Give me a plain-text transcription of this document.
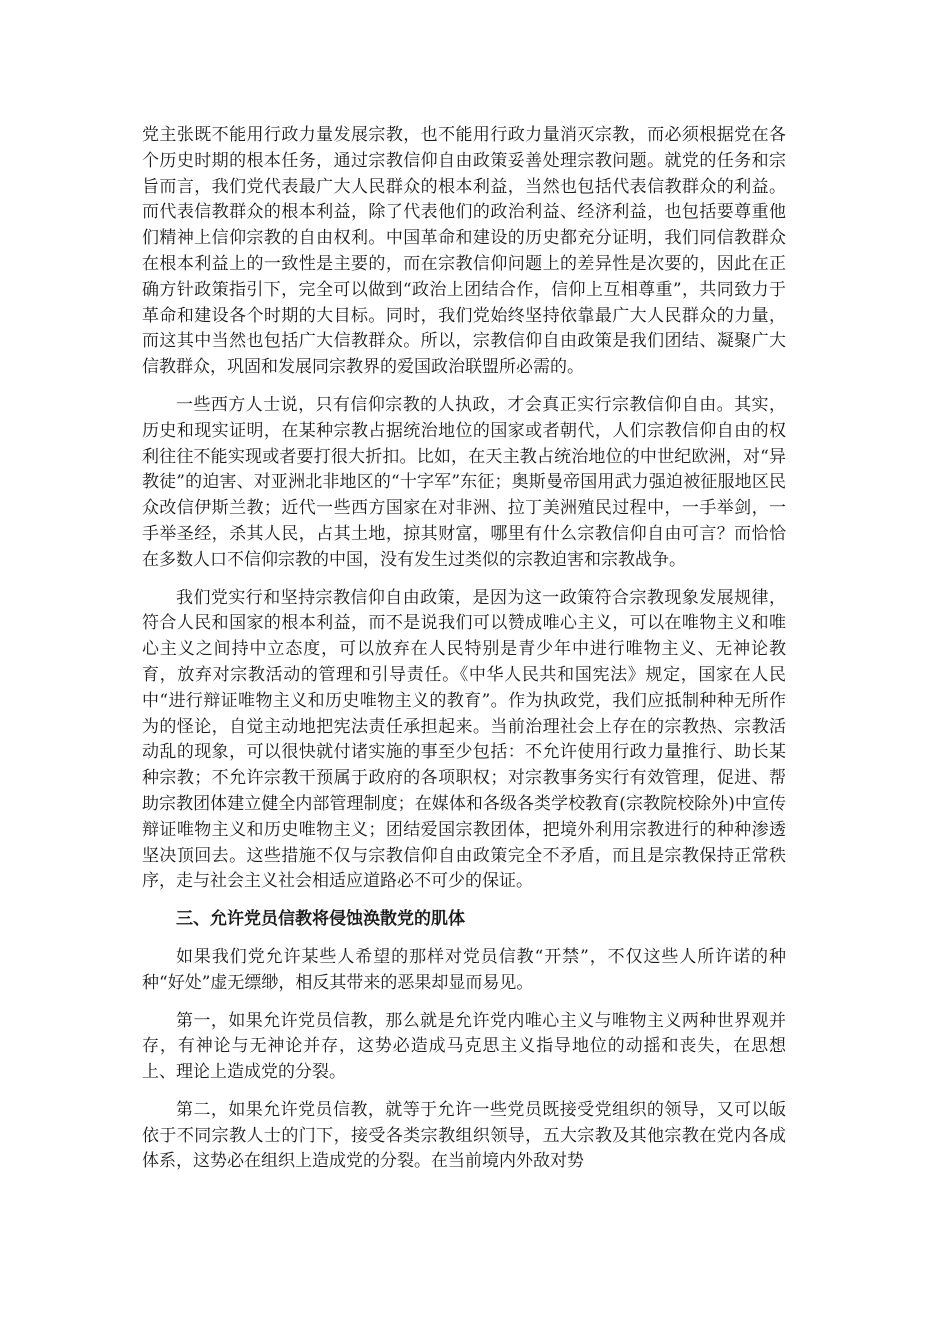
党主张既不能用行政力量发展宗教，也不能用行政力量消灭宗教，而必须根据党在各个历史时期的根本任务，通过宗教信仰自由政策妥善处理宗教问题。就党的任务和宗旨而言，我们党代表最广大人民群众的根本利益，当然也包括代表信教群众的利益。而代表信教群众的根本利益，除了代表他们的政治利益、经济利益，也包括要尊重他们精神上信仰宗教的自由权利。中国革命和建设的历史都充分证明，我们同信教群众在根本利益上的一致性是主要的，而在宗教信仰问题上的差异性是次要的，因此在正确方针政策指引下，完全可以做到“政治上团结合作，信仰上互相尊重”，共同致力于革命和建设各个时期的大目标。同时，我们党始终坚持依靠最广大人民群众的力量，而这其中当然也包括广大信教群众。所以，宗教信仰自由政策是我们团结、凝聚广大信教群众，巩固和发展同宗教界的爱国政治联盟所必需的。

一些西方人士说，只有信仰宗教的人执政，才会真正实行宗教信仰自由。其实，历史和现实证明，在某种宗教占据统治地位的国家或者朝代，人们宗教信仰自由的权利往往不能实现或者要打很大折扣。比如，在天主教占统治地位的中世纪欧洲，对“异教徒”的迫害、对亚洲北非地区的“十字军”东征；奥斯曼帝国用武力强迫被征服地区民众改信伊斯兰教；近代一些西方国家在对非洲、拉丁美洲殖民过程中，一手举剑，一手举圣经，杀其人民，占其土地，掠其财富，哪里有什么宗教信仰自由可言？而恰恰在多数人口不信仰宗教的中国，没有发生过类似的宗教迫害和宗教战争。

我们党实行和坚持宗教信仰自由政策，是因为这一政策符合宗教现象发展规律，符合人民和国家的根本利益，而不是说我们可以赞成唯心主义，可以在唯物主义和唯心主义之间持中立态度，可以放弃在人民特别是青少年中进行唯物主义、无神论教育，放弃对宗教活动的管理和引导责任。《中华人民共和国宪法》规定，国家在人民中“进行辩证唯物主义和历史唯物主义的教育”。作为执政党，我们应抵制种种无所作为的怪论，自觉主动地把宪法责任承担起来。当前治理社会上存在的宗教热、宗教活动乱的现象，可以很快就付诸实施的事至少包括：不允许使用行政力量推行、助长某种宗教；不允许宗教干预属于政府的各项职权；对宗教事务实行有效管理，促进、帮助宗教团体建立健全内部管理制度；在媒体和各级各类学校教育(宗教院校除外)中宣传辩证唯物主义和历史唯物主义；团结爱国宗教团体，把境外利用宗教进行的种种渗透坚决顶回去。这些措施不仅与宗教信仰自由政策完全不矛盾，而且是宗教保持正常秩序，走与社会主义社会相适应道路必不可少的保证。

三、允许党员信教将侵蚀涣散党的肌体

如果我们党允许某些人希望的那样对党员信教“开禁”，不仅这些人所许诺的种种“好处”虚无缥缈，相反其带来的恶果却显而易见。

第一，如果允许党员信教，那么就是允许党内唯心主义与唯物主义两种世界观并存，有神论与无神论并存，这势必造成马克思主义指导地位的动摇和丧失，在思想上、理论上造成党的分裂。

第二，如果允许党员信教，就等于允许一些党员既接受党组织的领导，又可以皈依于不同宗教人士的门下，接受各类宗教组织领导，五大宗教及其他宗教在党内各成体系，这势必在组织上造成党的分裂。在当前境内外敌对势
